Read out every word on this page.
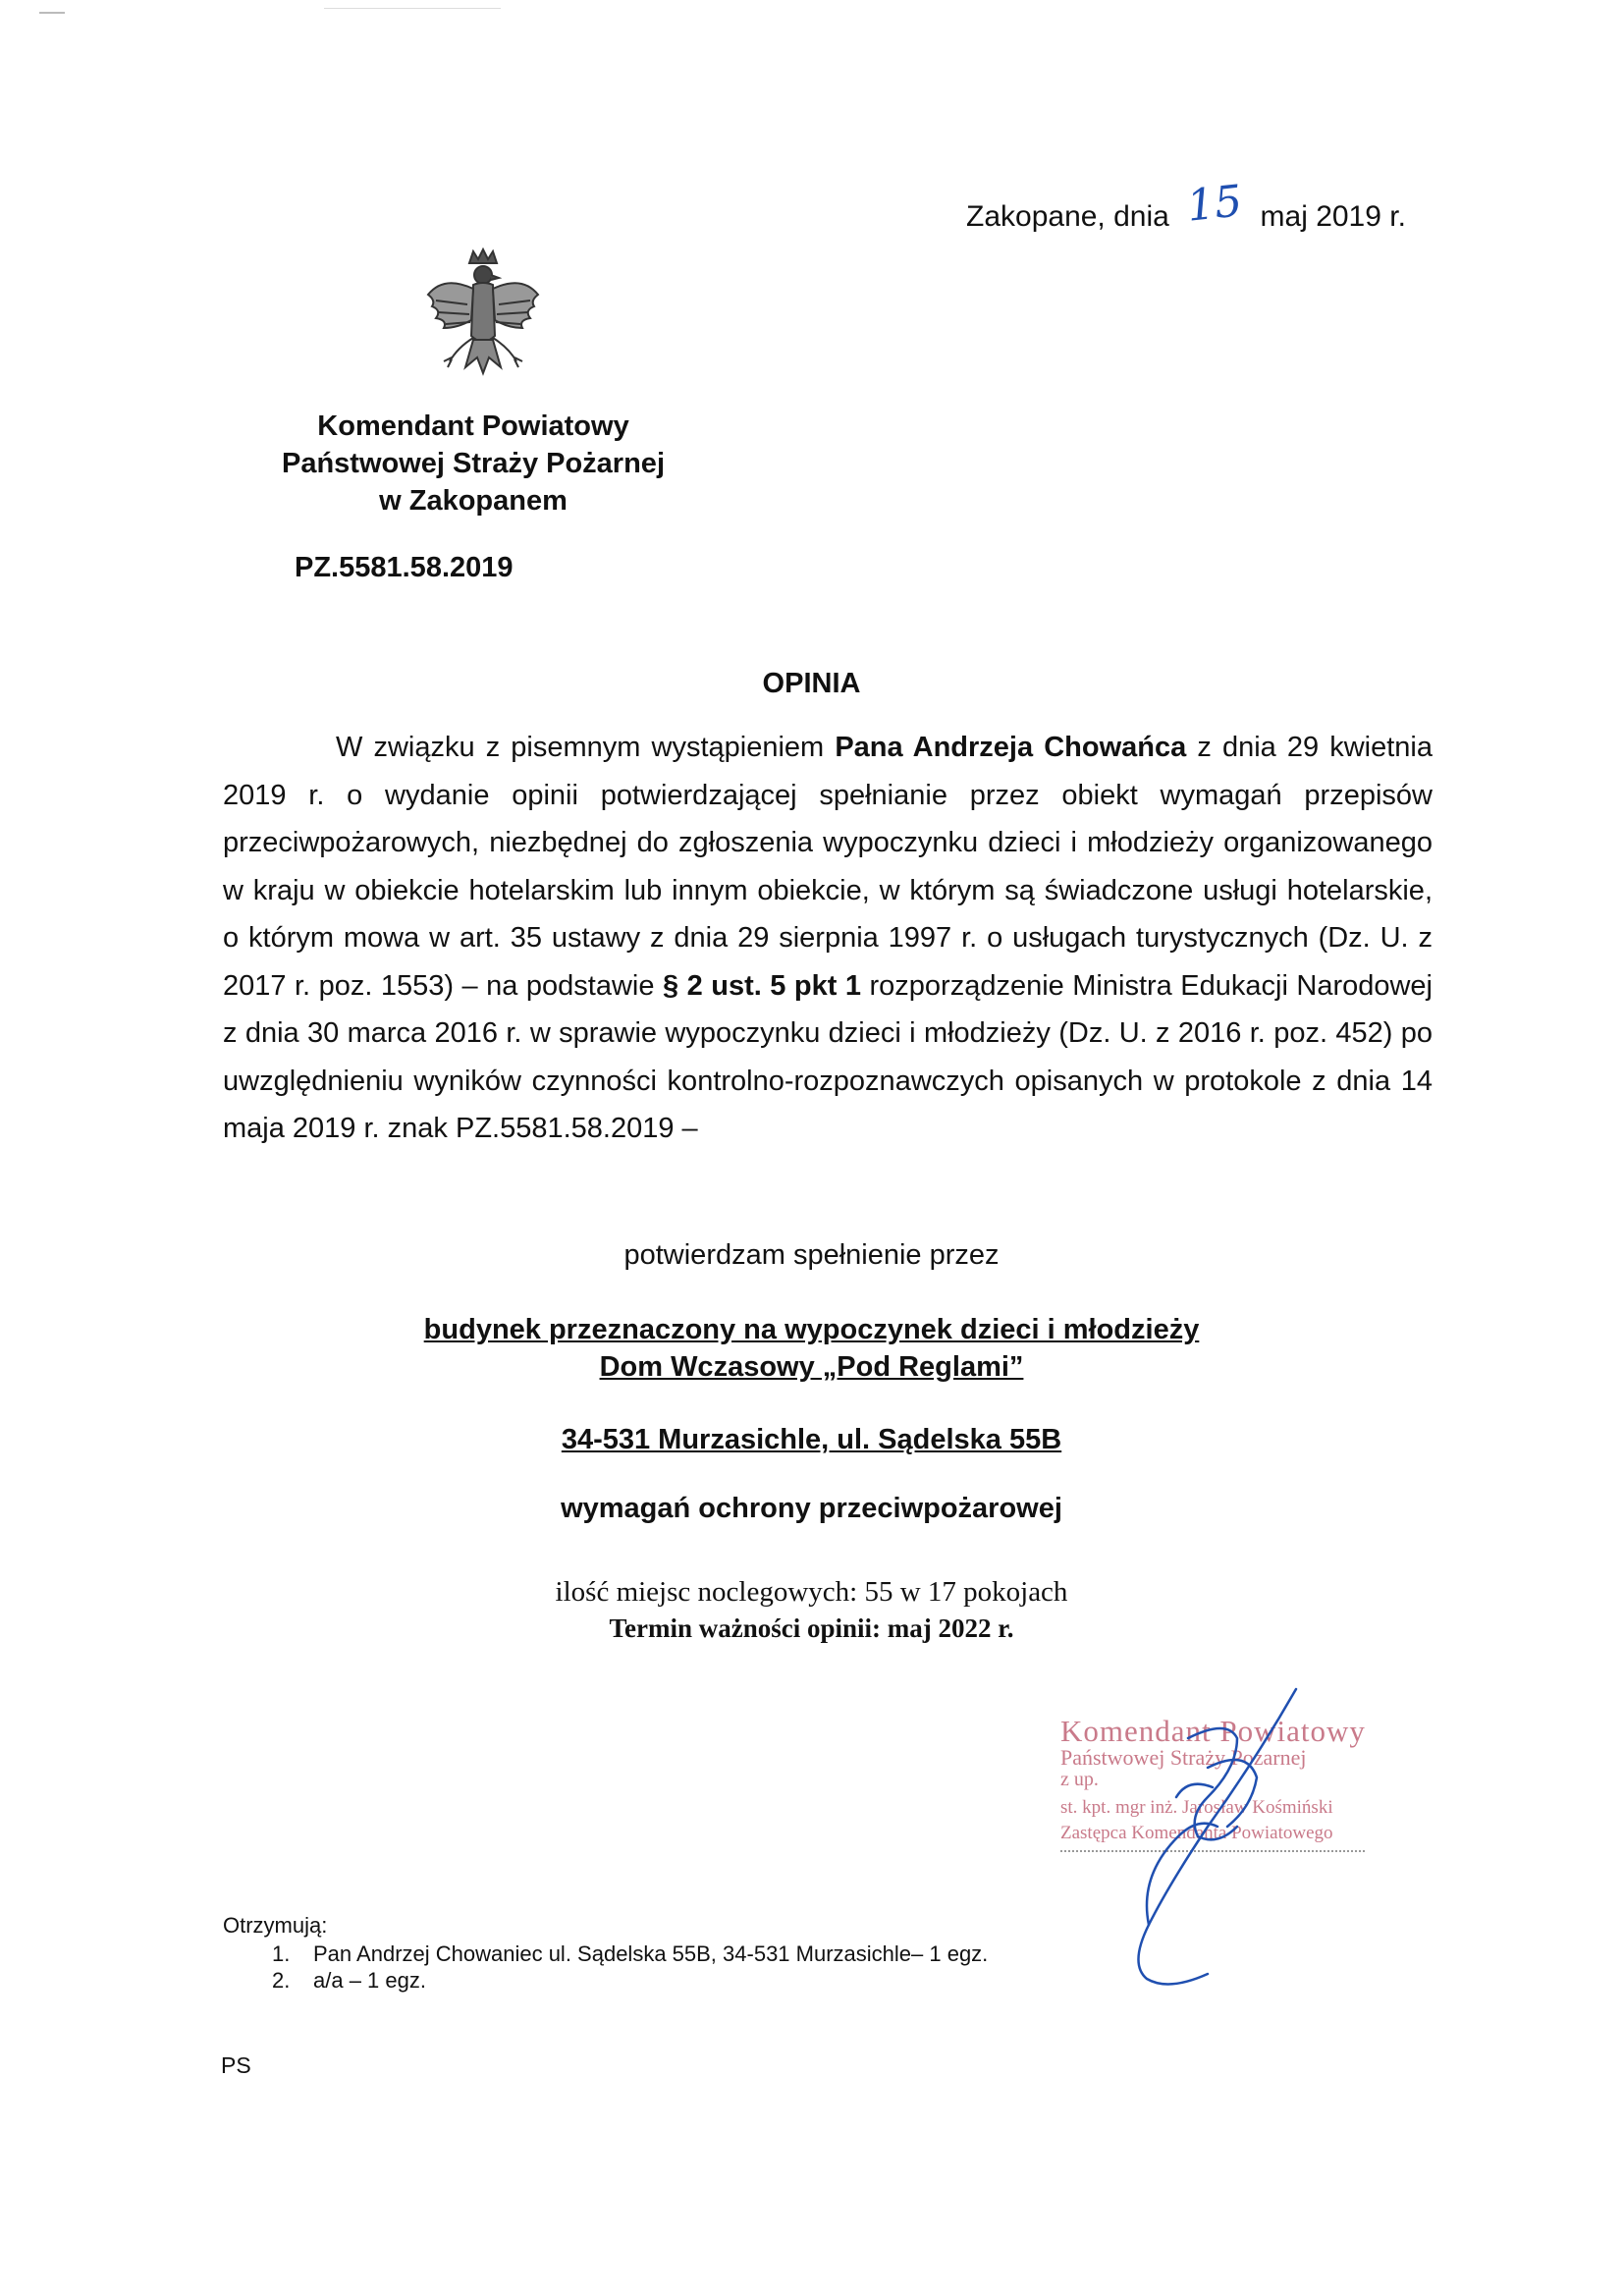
Zakopane, dnia 15 maj 2019 r.
Komendant Powiatowy
Państwowej Straży Pożarnej
w Zakopanem
PZ.5581.58.2019
OPINIA
W związku z pisemnym wystąpieniem Pana Andrzeja Chowańca z dnia 29 kwietnia 2019 r. o wydanie opinii potwierdzającej spełnianie przez obiekt wymagań przepisów przeciwpożarowych, niezbędnej do zgłoszenia wypoczynku dzieci i młodzieży organizowanego w kraju w obiekcie hotelarskim lub innym obiekcie, w którym są świadczone usługi hotelarskie, o którym mowa w art. 35 ustawy z dnia 29 sierpnia 1997 r. o usługach turystycznych (Dz. U. z 2017 r. poz. 1553) – na podstawie § 2 ust. 5 pkt 1 rozporządzenie Ministra Edukacji Narodowej z dnia 30 marca 2016 r. w sprawie wypoczynku dzieci i młodzieży (Dz. U. z 2016 r. poz. 452) po uwzględnieniu wyników czynności kontrolno-rozpoznawczych opisanych w protokole z dnia 14 maja 2019 r. znak PZ.5581.58.2019 –
potwierdzam spełnienie przez
budynek przeznaczony na wypoczynek dzieci i młodzieży
Dom Wczasowy „Pod Reglami”
34-531 Murzasichle, ul. Sądelska 55B
wymagań ochrony przeciwpożarowej
ilość miejsc noclegowych: 55 w 17 pokojach
Termin ważności opinii: maj 2022 r.
Komendant Powiatowy
Państwowej Straży Pożarnej
z up.
st. kpt. mgr inż. Jarosław Kośmiński
Zastępca Komendanta Powiatowego
Otrzymują:
1. Pan Andrzej Chowaniec ul. Sądelska 55B, 34-531 Murzasichle– 1 egz.
2. a/a – 1 egz.
PS
